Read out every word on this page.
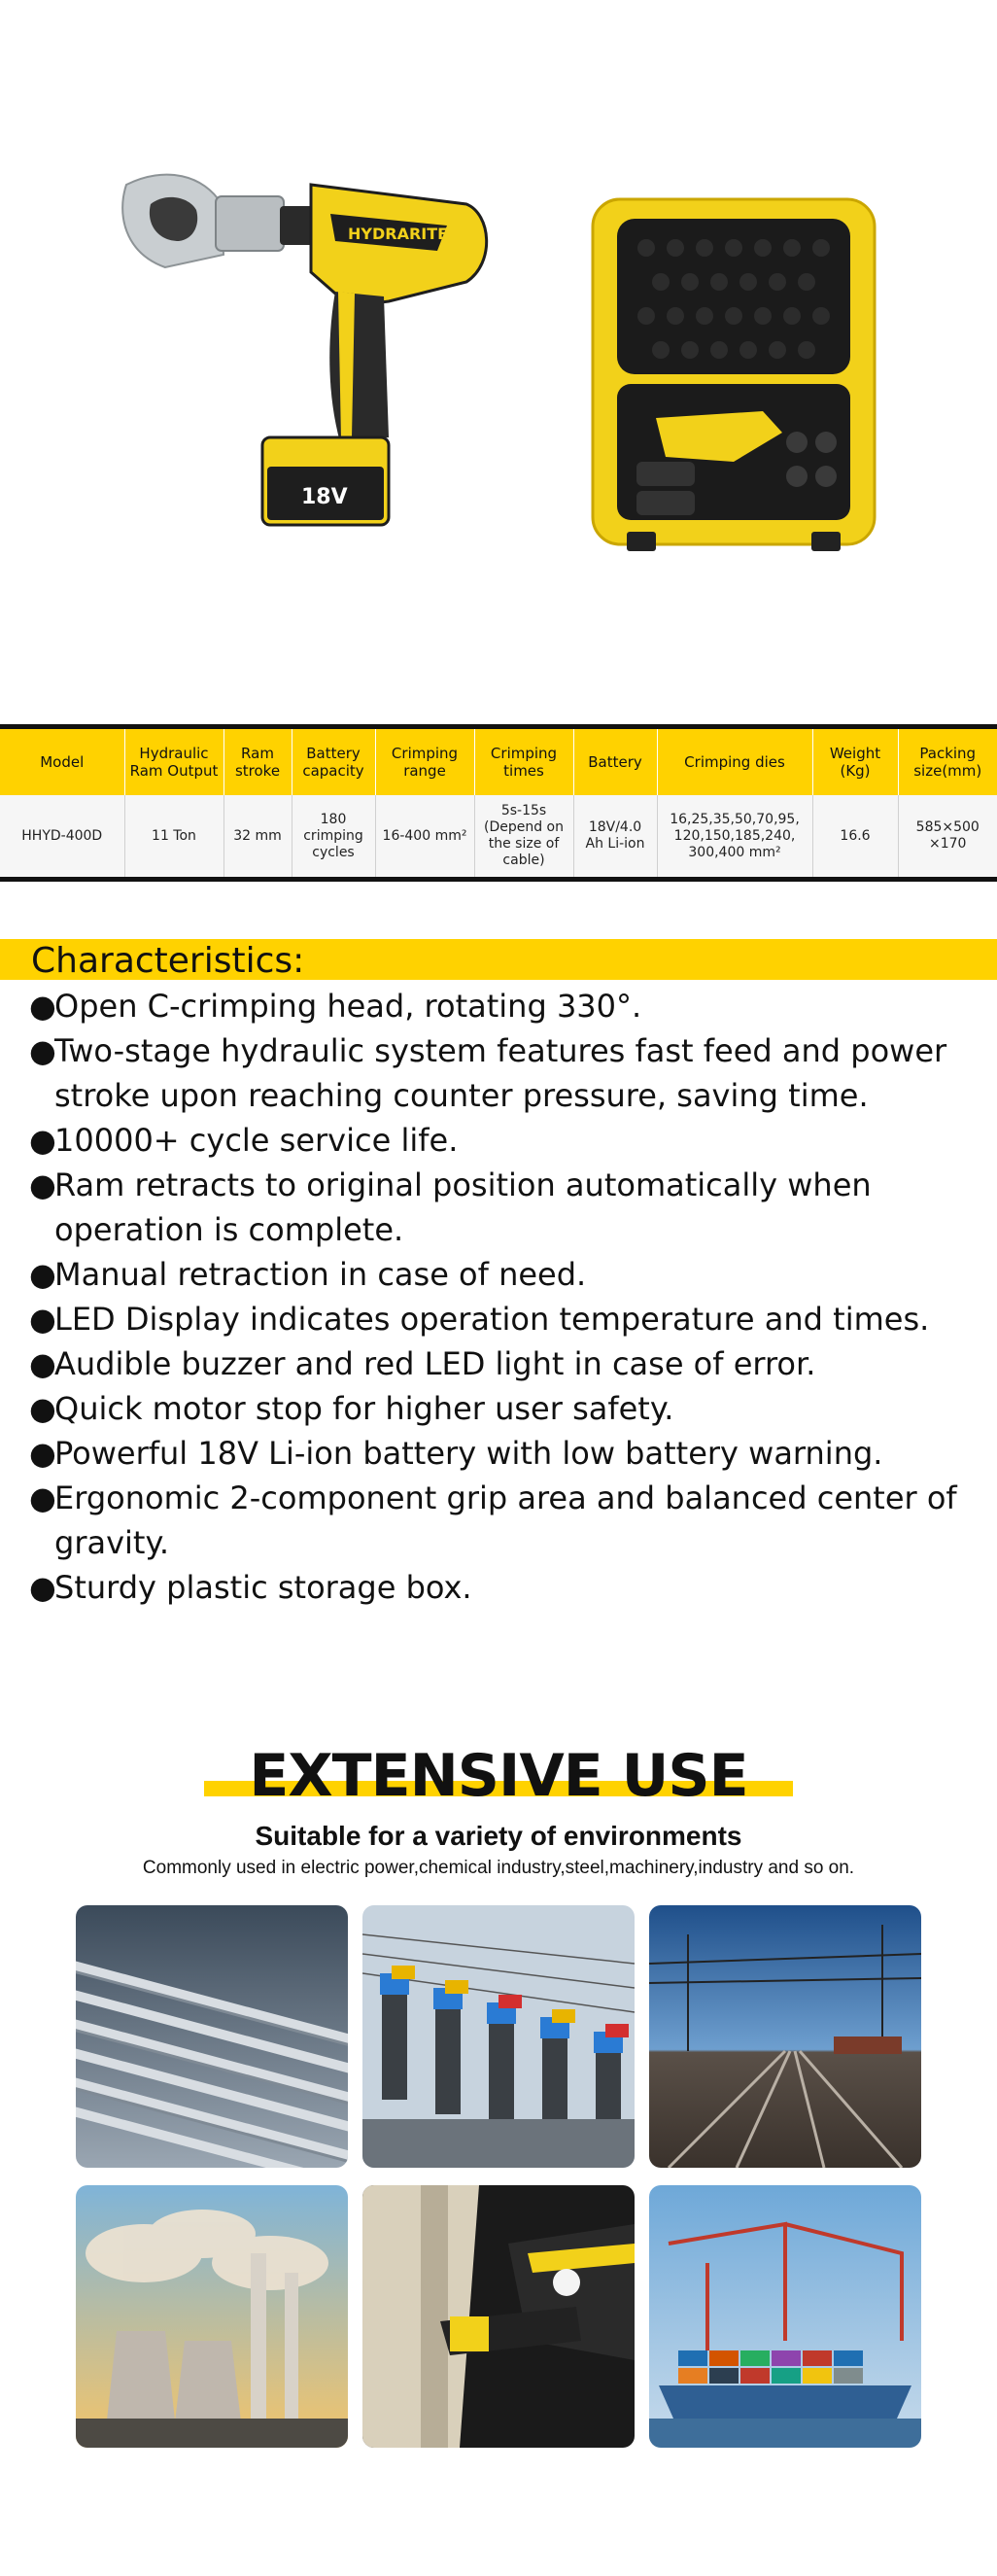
HYDRARITE
18V
Model	Hydraulic Ram Output	Ram stroke	Battery capacity	Crimping range	Crimping times	Battery	Crimping dies	Weight (Kg)	Packing size(mm)
HHYD-400D	11 Ton	32 mm	180 crimping cycles	16-400 mm²	5s-15s (Depend on the size of cable)	18V/4.0 Ah Li-ion	16,25,35,50,70,95, 120,150,185,240, 300,400 mm²	16.6	585×500 ×170
Characteristics:
●
Open C-crimping head, rotating 330°.
●
Two-stage hydraulic system features fast feed and power stroke upon reaching counter pressure, saving time.
●
10000+ cycle service life.
●
Ram retracts to original position automatically when operation is complete.
●
Manual retraction in case of need.
●
LED Display indicates operation temperature and times.
●
Audible buzzer and red LED light in case of error.
●
Quick motor stop for higher user safety.
●
Powerful 18V Li-ion battery with low battery warning.
●
Ergonomic 2-component grip area and balanced center of gravity.
●
Sturdy plastic storage box.
EXTENSIVE USE
Suitable for a variety of environments
Commonly used in electric power,chemical industry,steel,machinery,industry and so on.
